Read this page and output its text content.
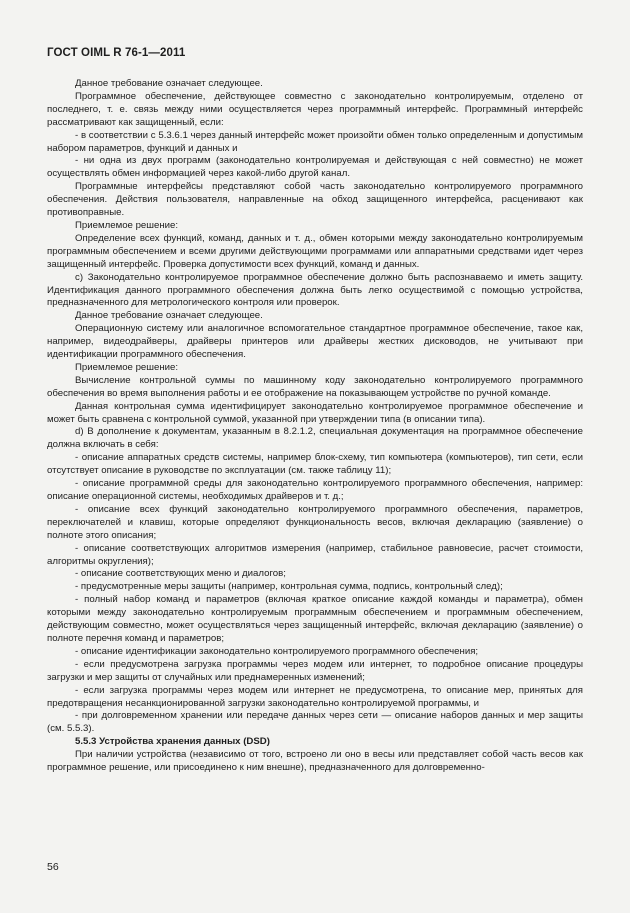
ГОСТ OIML R 76-1—2011

Данное требование означает следующее.

Программное обеспечение, действующее совместно с законодательно контролируемым, отделено от последнего, т. е. связь между ними осуществляется через программный интерфейс. Программный интерфейс рассматривают как защищенный, если:

- в соответствии с 5.3.6.1 через данный интерфейс может произойти обмен только определенным и допустимым набором параметров, функций и данных и

- ни одна из двух программ (законодательно контролируемая и действующая с ней совместно) не может осуществлять обмен информацией через какой-либо другой канал.

Программные интерфейсы представляют собой часть законодательно контролируемого программного обеспечения. Действия пользователя, направленные на обход защищенного интерфейса, расценивают как противоправные.

Приемлемое решение:

Определение всех функций, команд, данных и т. д., обмен которыми между законодательно контролируемым программным обеспечением и всеми другими действующими программами или аппаратными средствами идет через защищенный интерфейс. Проверка допустимости всех функций, команд и данных.

c) Законодательно контролируемое программное обеспечение должно быть распознаваемо и иметь защиту. Идентификация данного программного обеспечения должна быть легко осуществимой с помощью устройства, предназначенного для метрологического контроля или проверок.

Данное требование означает следующее.

Операционную систему или аналогичное вспомогательное стандартное программное обеспечение, такое как, например, видеодрайверы, драйверы принтеров или драйверы жестких дисководов, не учитывают при идентификации программного обеспечения.

Приемлемое решение:

Вычисление контрольной суммы по машинному коду законодательно контролируемого программного обеспечения во время выполнения работы и ее отображение на показывающем устройстве по ручной команде.

Данная контрольная сумма идентифицирует законодательно контролируемое программное обеспечение и может быть сравнена с контрольной суммой, указанной при утверждении типа (в описании типа).

d) В дополнение к документам, указанным в 8.2.1.2, специальная документация на программное обеспечение должна включать в себя:

- описание аппаратных средств системы, например блок-схему, тип компьютера (компьютеров), тип сети, если отсутствует описание в руководстве по эксплуатации (см. также таблицу 11);

- описание программной среды для законодательно контролируемого программного обеспечения, например: описание операционной системы, необходимых драйверов и т. д.;

- описание всех функций законодательно контролируемого программного обеспечения, параметров, переключателей и клавиш, которые определяют функциональность весов, включая декларацию (заявление) о полноте этого описания;

- описание соответствующих алгоритмов измерения (например, стабильное равновесие, расчет стоимости, алгоритмы округления);

- описание соответствующих меню и диалогов;

- предусмотренные меры защиты (например, контрольная сумма, подпись, контрольный след);

- полный набор команд и параметров (включая краткое описание каждой команды и параметра), обмен которыми между законодательно контролируемым программным обеспечением и программным обеспечением, действующим совместно, может осуществляться через защищенный интерфейс, включая декларацию (заявление) о полноте перечня команд и параметров;

- описание идентификации законодательно контролируемого программного обеспечения;

- если предусмотрена загрузка программы через модем или интернет, то подробное описание процедуры загрузки и мер защиты от случайных или преднамеренных изменений;

- если загрузка программы через модем или интернет не предусмотрена, то описание мер, принятых для предотвращения несанкционированной загрузки законодательно контролируемой программы, и

- при долговременном хранении или передаче данных через сети — описание наборов данных и мер защиты (см. 5.5.3).

5.5.3 Устройства хранения данных (DSD)

При наличии устройства (независимо от того, встроено ли оно в весы или представляет собой часть весов как программное решение, или присоединено к ним внешне), предназначенного для долговременно-

56
